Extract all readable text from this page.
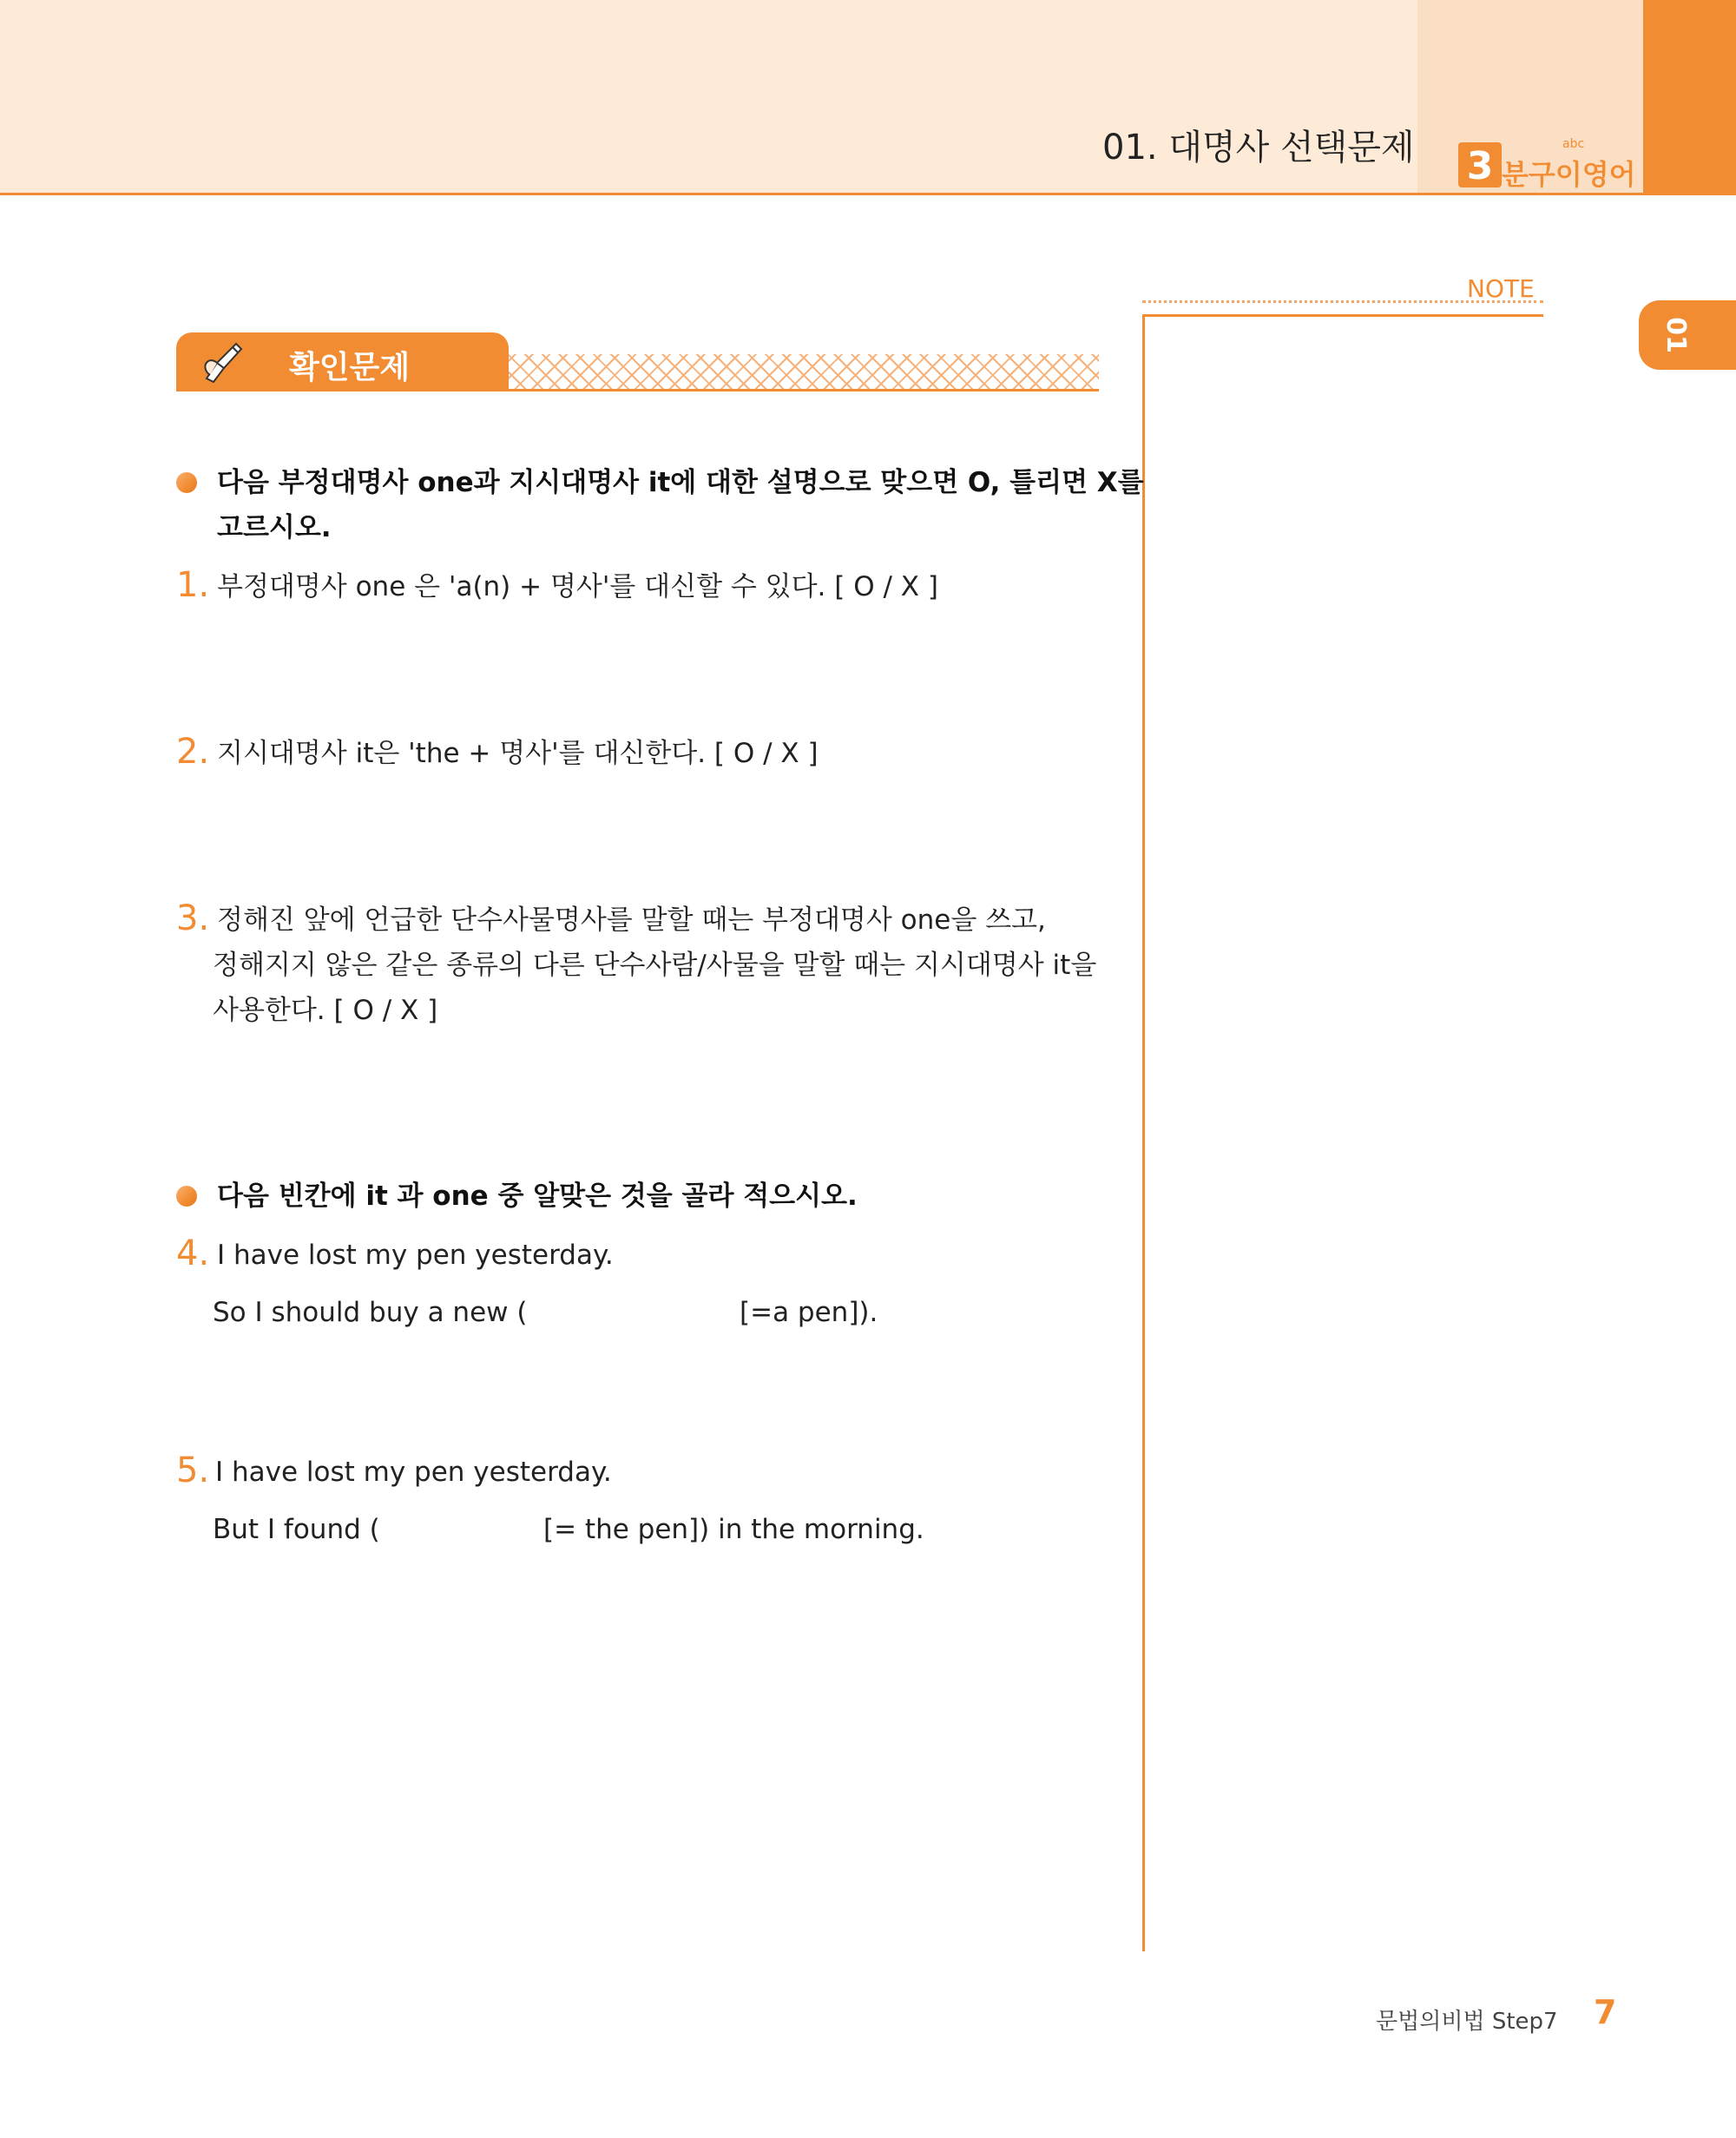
01. 대명사 선택문제 3 분구이영어
abc
01
NOTE
확인문제
다음 부정대명사 one과 지시대명사 it에 대한 설명으로 맞으면 O, 틀리면 X를
고르시오.
1. 부정대명사 one 은 'a(n) + 명사'를 대신할 수 있다. [ O / X ]
2. 지시대명사 it은 'the + 명사'를 대신한다. [ O / X ]
3. 정해진 앞에 언급한 단수사물명사를 말할 때는 부정대명사 one을 쓰고,
정해지지 않은 같은 종류의 다른 단수사람/사물을 말할 때는 지시대명사 it을
사용한다. [ O / X ]
다음 빈칸에 it 과 one 중 알맞은 것을 골라 적으시오.
4. I have lost my pen yesterday.
So I should buy a new (	[=a pen]).
5. I have lost my pen yesterday.
But I found (	[= the pen]) in the morning.
문법의비법 Step7 7
